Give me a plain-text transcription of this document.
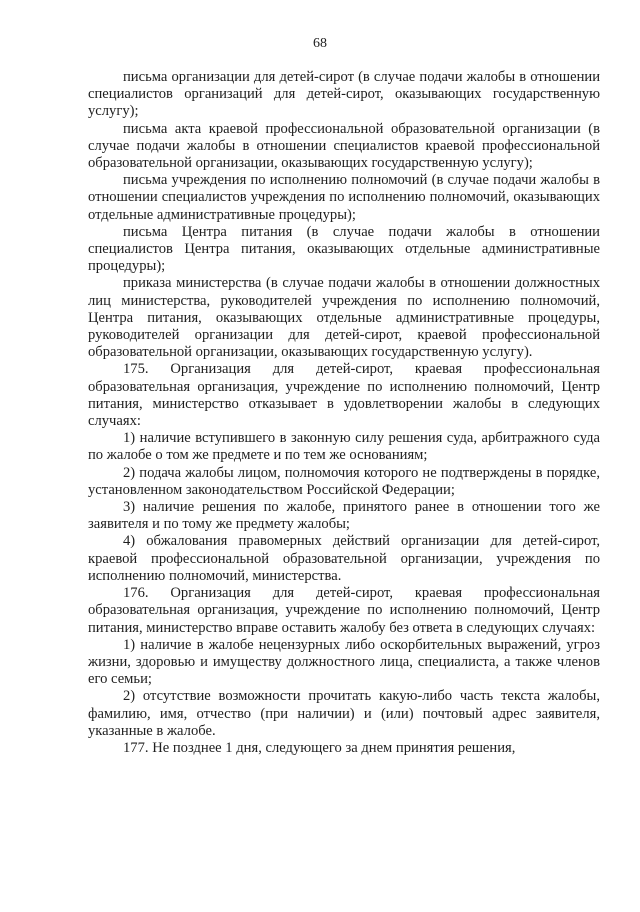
68

письма организации для детей-сирот (в случае подачи жалобы в отношении специалистов организаций для детей-сирот, оказывающих государственную услугу);

письма акта краевой профессиональной образовательной организации (в случае подачи жалобы в отношении специалистов краевой профессиональной образовательной организации, оказывающих государственную услугу);

письма учреждения по исполнению полномочий (в случае подачи жалобы в отношении специалистов учреждения по исполнению полномочий, оказывающих отдельные административные процедуры);

письма Центра питания (в случае подачи жалобы в отношении специалистов Центра питания, оказывающих отдельные административные процедуры);

приказа министерства (в случае подачи жалобы в отношении должностных лиц министерства, руководителей учреждения по исполнению полномочий, Центра питания, оказывающих отдельные административные процедуры, руководителей организации для детей-сирот, краевой профессиональной образовательной организации, оказывающих государственную услугу).

175. Организация для детей-сирот, краевая профессиональная образовательная организация, учреждение по исполнению полномочий, Центр питания, министерство отказывает в удовлетворении жалобы в следующих случаях:

1) наличие вступившего в законную силу решения суда, арбитражного суда по жалобе о том же предмете и по тем же основаниям;

2) подача жалобы лицом, полномочия которого не подтверждены в порядке, установленном законодательством Российской Федерации;

3) наличие решения по жалобе, принятого ранее в отношении того же заявителя и по тому же предмету жалобы;

4) обжалования правомерных действий организации для детей-сирот, краевой профессиональной образовательной организации, учреждения по исполнению полномочий, министерства.

176. Организация для детей-сирот, краевая профессиональная образовательная организация, учреждение по исполнению полномочий, Центр питания, министерство вправе оставить жалобу без ответа в следующих случаях:

1) наличие в жалобе нецензурных либо оскорбительных выражений, угроз жизни, здоровью и имуществу должностного лица, специалиста, а также членов его семьи;

2) отсутствие возможности прочитать какую-либо часть текста жалобы, фамилию, имя, отчество (при наличии) и (или) почтовый адрес заявителя, указанные в жалобе.

177. Не позднее 1 дня, следующего за днем принятия решения,
